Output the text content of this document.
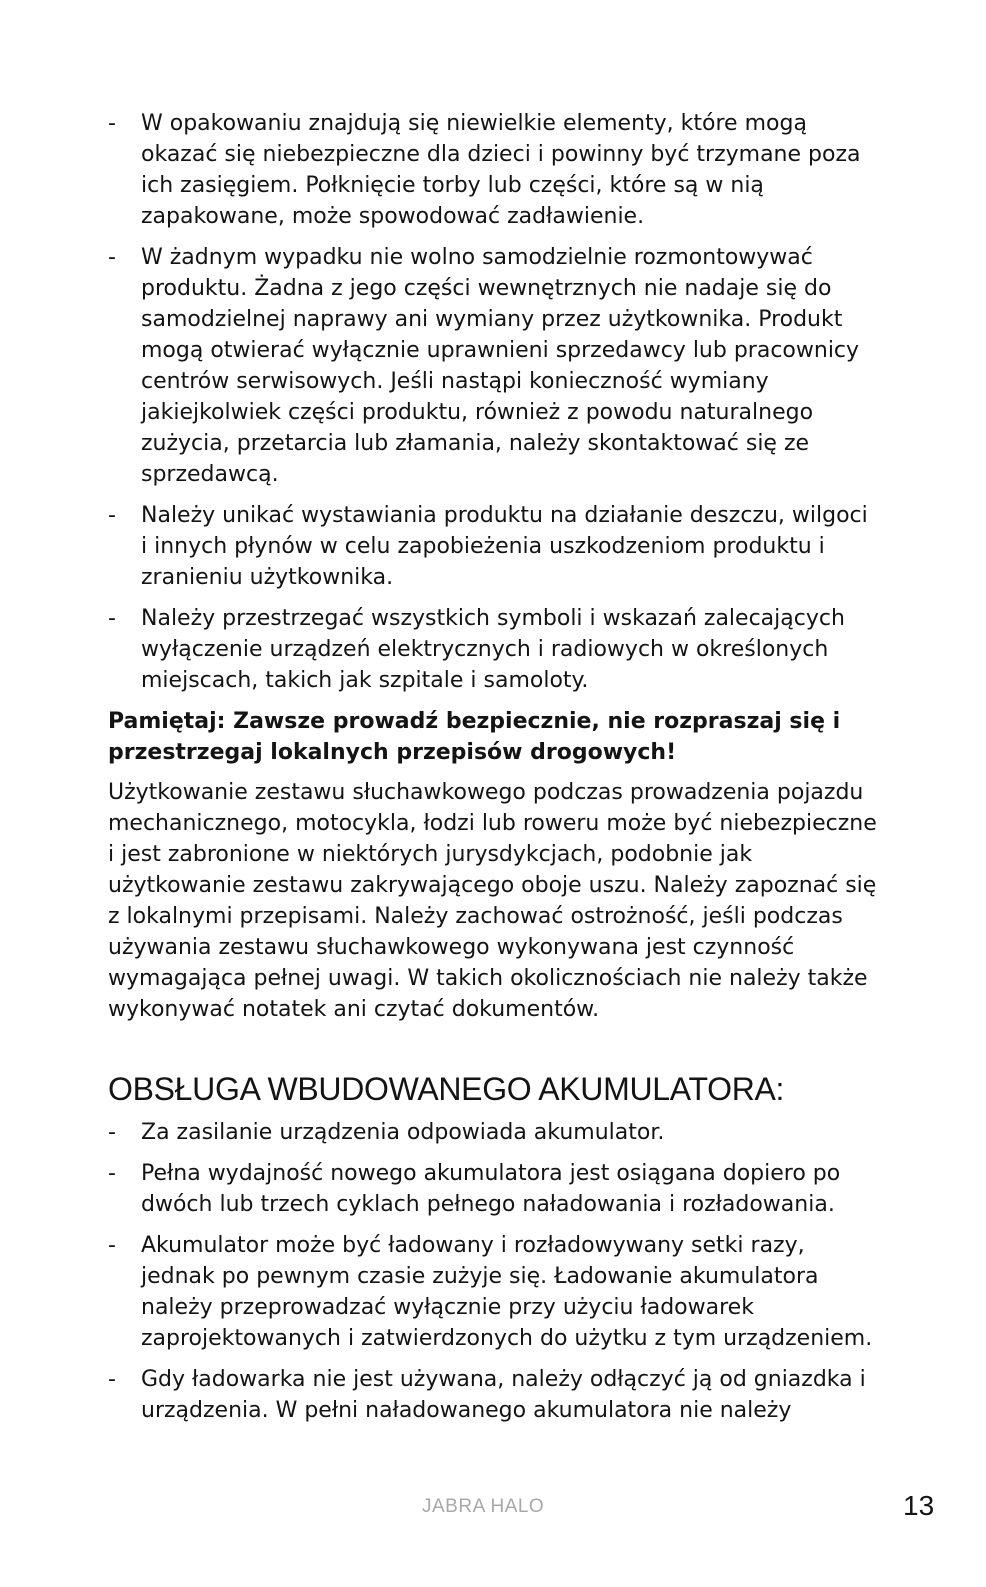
- W opakowaniu znajdują się niewielkie elementy, które mogą okazać się niebezpieczne dla dzieci i powinny być trzymane poza ich zasięgiem. Połknięcie torby lub części, które są w nią zapakowane, może spowodować zadławienie.
- W żadnym wypadku nie wolno samodzielnie rozmontowywać produktu. Żadna z jego części wewnętrznych nie nadaje się do samodzielnej naprawy ani wymiany przez użytkownika. Produkt mogą otwierać wyłącznie uprawnieni sprzedawcy lub pracownicy centrów serwisowych. Jeśli nastąpi konieczność wymiany jakiejkolwiek części produktu, również z powodu naturalnego zużycia, przetarcia lub złamania, należy skontaktować się ze sprzedawcą.
- Należy unikać wystawiania produktu na działanie deszczu, wilgoci i innych płynów w celu zapobieżenia uszkodzeniom produktu i zranieniu użytkownika.
- Należy przestrzegać wszystkich symboli i wskazań zalecających wyłączenie urządzeń elektrycznych i radiowych w określonych miejscach, takich jak szpitale i samoloty.
Pamiętaj: Zawsze prowadź bezpiecznie, nie rozpraszaj się i przestrzegaj lokalnych przepisów drogowych!
Użytkowanie zestawu słuchawkowego podczas prowadzenia pojazdu mechanicznego, motocykla, łodzi lub roweru może być niebezpieczne i jest zabronione w niektórych jurysdykcjach, podobnie jak użytkowanie zestawu zakrywającego oboje uszu. Należy zapoznać się z lokalnymi przepisami. Należy zachować ostrożność, jeśli podczas używania zestawu słuchawkowego wykonywana jest czynność wymagająca pełnej uwagi. W takich okolicznościach nie należy także wykonywać notatek ani czytać dokumentów.
OBSŁUGA WBUDOWANEGO AKUMULATORA:
- Za zasilanie urządzenia odpowiada akumulator.
- Pełna wydajność nowego akumulatora jest osiągana dopiero po dwóch lub trzech cyklach pełnego naładowania i rozładowania.
- Akumulator może być ładowany i rozładowywany setki razy, jednak po pewnym czasie zużyje się. Ładowanie akumulatora należy przeprowadzać wyłącznie przy użyciu ładowarek zaprojektowanych i zatwierdzonych do użytku z tym urządzeniem.
- Gdy ładowarka nie jest używana, należy odłączyć ją od gniazdka i urządzenia. W pełni naładowanego akumulatora nie należy
JABRA HALO	13
